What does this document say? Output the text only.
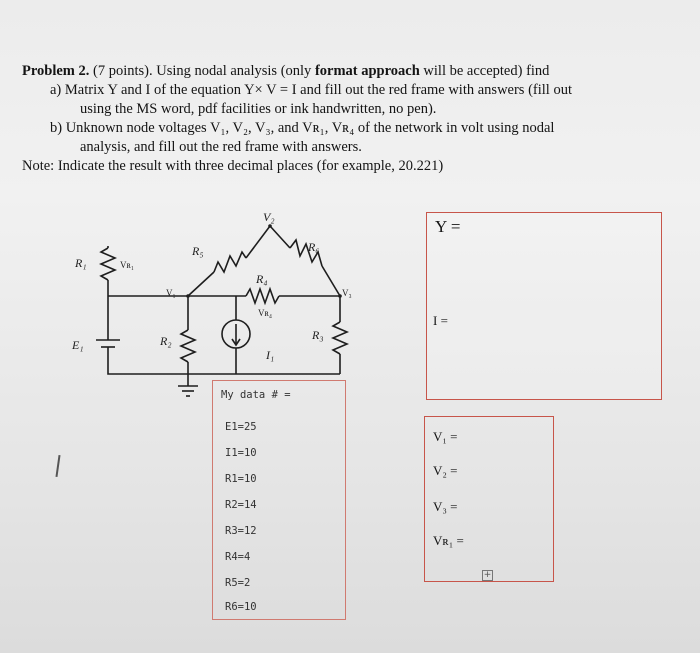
Problem 2. (7 points). Using nodal analysis (only format approach will be accepted) find

a) Matrix Y and I of the equation Y× V = I and fill out the red frame with answers (fill out

using the MS word, pdf facilities or ink handwritten, no pen).

b) Unknown node voltages V₁, V₂, V₃, and Vʀ₁, Vʀ₄ of the network in volt using nodal

analysis, and fill out the red frame with answers.

Note: Indicate the result with three decimal places (for example, 20.221)

V₂
R₆
R₅
R₁	Vʀ₁
R₄
V₁	V₃
Vʀ₄
E₁	R₂	R₃
I₁
My data # =
E1=25
I1=10
R1=10
R2=14
R3=12
R4=4
R5=2
R6=10
Y =
I =
V₁ =
V₂ =
V₃ =
Vʀ₁ =
+
